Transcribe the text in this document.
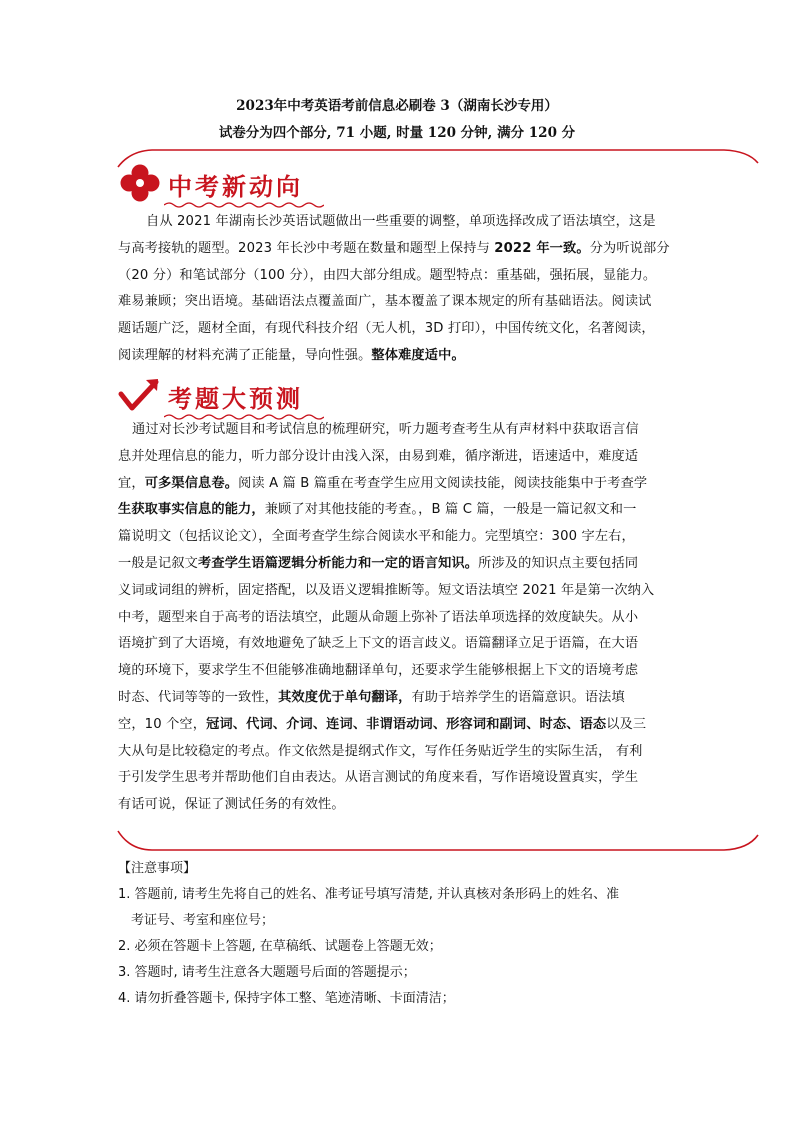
2023年中考英语考前信息必刷卷 3（湖南长沙专用）
试卷分为四个部分, 71 小题, 时量 120 分钟, 满分 120 分
中考新动向

自从 2021 年湖南长沙英语试题做出一些重要的调整，单项选择改成了语法填空，这是

与高考接轨的题型。2023 年长沙中考题在数量和题型上保持与 2022 年一致。分为听说部分

（20 分）和笔试部分（100 分），由四大部分组成。题型特点：重基础，强拓展，显能力。

难易兼顾；突出语境。基础语法点覆盖面广，基本覆盖了课本规定的所有基础语法。阅读试

题话题广泛，题材全面，有现代科技介绍（无人机，3D 打印），中国传统文化，名著阅读，

阅读理解的材料充满了正能量，导向性强。整体难度适中。

考题大预测

通过对长沙考试题目和考试信息的梳理研究，听力题考查考生从有声材料中获取语言信

息并处理信息的能力，听力部分设计由浅入深，由易到难，循序渐进，语速适中，难度适

宜，可多渠信息卷。阅读 A 篇 B 篇重在考查学生应用文阅读技能，阅读技能集中于考查学

生获取事实信息的能力，兼顾了对其他技能的考查。，B 篇 C 篇，一般是一篇记叙文和一

篇说明文（包括议论文），全面考查学生综合阅读水平和能力。完型填空：300 字左右，

一般是记叙文考查学生语篇逻辑分析能力和一定的语言知识。所涉及的知识点主要包括同

义词或词组的辨析，固定搭配，以及语义逻辑推断等。短文语法填空 2021 年是第一次纳入

中考，题型来自于高考的语法填空，此题从命题上弥补了语法单项选择的效度缺失。从小

语境扩到了大语境，有效地避免了缺乏上下文的语言歧义。语篇翻译立足于语篇，在大语

境的环境下，要求学生不但能够准确地翻译单句，还要求学生能够根据上下文的语境考虑

时态、代词等等的一致性，其效度优于单句翻译，有助于培养学生的语篇意识。语法填

空，10 个空，冠词、代词、介词、连词、非谓语动词、形容词和副词、时态、语态以及三

大从句是比较稳定的考点。作文依然是提纲式作文，写作任务贴近学生的实际生活， 有利

于引发学生思考并帮助他们自由表达。从语言测试的角度来看，写作语境设置真实，学生

有话可说，保证了测试任务的有效性。

【注意事项】
1. 答题前, 请考生先将自己的姓名、准考证号填写清楚, 并认真核对条形码上的姓名、准
考证号、考室和座位号；
2. 必须在答题卡上答题, 在草稿纸、试题卷上答题无效；
3. 答题时, 请考生注意各大题题号后面的答题提示；
4. 请勿折叠答题卡, 保持字体工整、笔迹清晰、卡面清洁；
